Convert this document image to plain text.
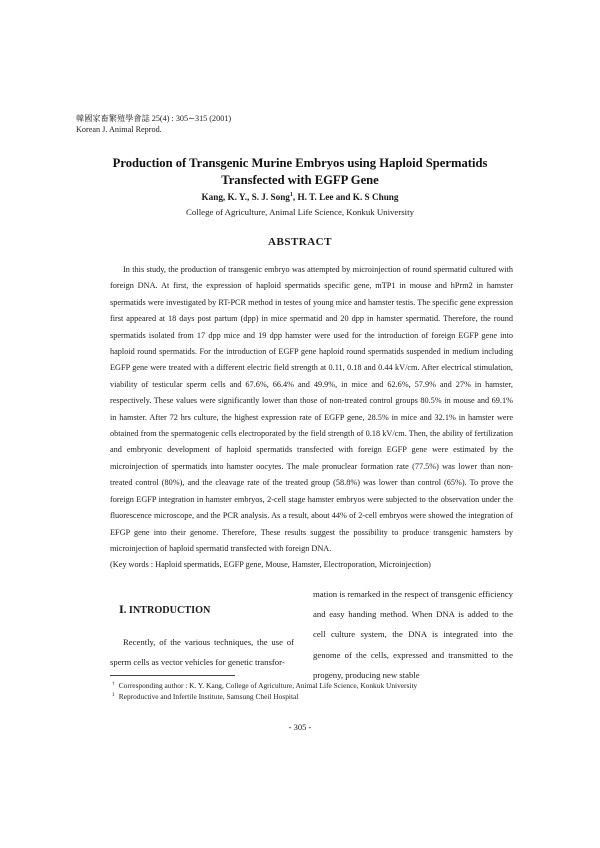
韓國家畜繁殖學會誌 25(4) : 305∼315 (2001)
Korean J. Animal Reprod.
Production of Transgenic Murine Embryos using Haploid Spermatids
Transfected with EGFP Gene
Kang, K. Y., S. J. Song$^1$, H. T. Lee and K. S Chung
College of Agriculture, Animal Life Science, Konkuk University
ABSTRACT

In this study, the production of transgenic embryo was attempted by microinjection of round spermatid cultured with foreign DNA. At first, the expression of haploid spermatids specific gene, mTP1 in mouse and hPrm2 in hamster spermatids were investigated by RT-PCR method in testes of young mice and hamster testis. The specific gene expression first appeared at 18 days post partum (dpp) in mice spermatid and 20 dpp in hamster spermatid. Therefore, the round spermatids isolated from 17 dpp mice and 19 dpp hamster were used for the introduction of foreign EGFP gene into haploid round spermatids. For the introduction of EGFP gene haploid round spermatids suspended in medium including EGFP gene were treated with a different electric field strength at 0.11, 0.18 and 0.44 kV/cm. After electrical stimulation, viability of testicular sperm cells and 67.6%, 66.4% and 49.9%, in mice and 62.6%, 57.9% and 27% in hamster, respectively. These values were significantly lower than those of non-treated control groups 80.5% in mouse and 69.1% in hamster. After 72 hrs culture, the highest expression rate of EGFP gene, 28.5% in mice and 32.1% in hamster were obtained from the spermatogenic cells electroporated by the field strength of 0.18 kV/cm. Then, the ability of fertilization and embryonic development of haploid spermatids transfected with foreign EGFP gene were estimated by the microinjection of spermatids into hamster oocytes. The male pronuclear formation rate (77.5%) was lower than non-treated control (80%), and the cleavage rate of the treated group (58.8%) was lower than control (65%). To prove the foreign EGFP integration in hamster embryos, 2-cell stage hamster embryos were subjected to the observation under the fluorescence microscope, and the PCR analysis. As a result, about 44% of 2-cell embryos were showed the integration of EFGP gene into their genome. Therefore, These results suggest the possibility to produce transgenic hamsters by microinjection of haploid spermatid transfected with foreign DNA.

(Key words : Haploid spermatids, EGFP gene, Mouse, Hamster, Electroporation, Microinjection)

Ⅰ. INTRODUCTION

Recently, of the various techniques, the use of sperm cells as vector vehicles for genetic transfor-

mation is remarked in the respect of transgenic efficiency and easy handing method. When DNA is added to the cell culture system, the DNA is integrated into the genome of the cells, expressed and transmitted to the progeny, producing new stable

† Corresponding author : K. Y. Kang, College of Agriculture, Animal Life Science, Konkuk University
$^1$ Reproductive and Infertile Institute, Samsung Cheil Hospital
- 305 -
